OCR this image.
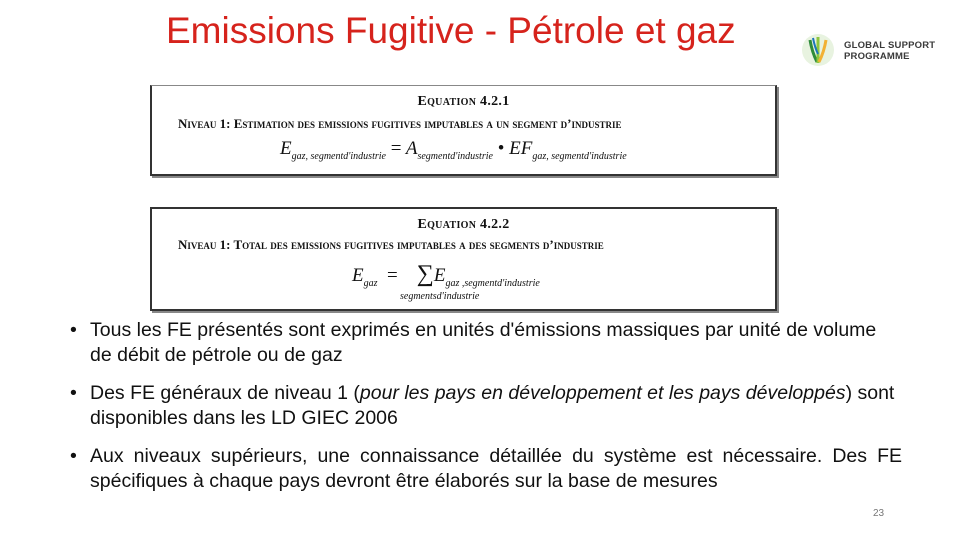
Emissions Fugitive - Pétrole et gaz	GLOBAL SUPPORT
PROGRAMME
Equation 4.2.1
Niveau 1: Estimation des emissions fugitives imputables a un segment d’industrie
$E_{gaz, segmentd'industrie} = A_{segmentd'industrie}$ • $EF_{gaz, segmentd'industrie}$
Equation 4.2.2
Niveau 1: Total des emissions fugitives imputables a des segments d’industrie
$E_{gaz} = \sum E_{gaz ,segmentd'industrie}$
segmentsd'industrie
• Tous les FE présentés sont exprimés en unités d'émissions massiques par unité de volume de débit de pétrole ou de gaz
• Des FE généraux de niveau 1 (pour les pays en développement et les pays développés) sont disponibles dans les LD GIEC 2006
• Aux niveaux supérieurs, une connaissance détaillée du système est nécessaire. Des FE spécifiques à chaque pays devront être élaborés sur la base de mesures
23
